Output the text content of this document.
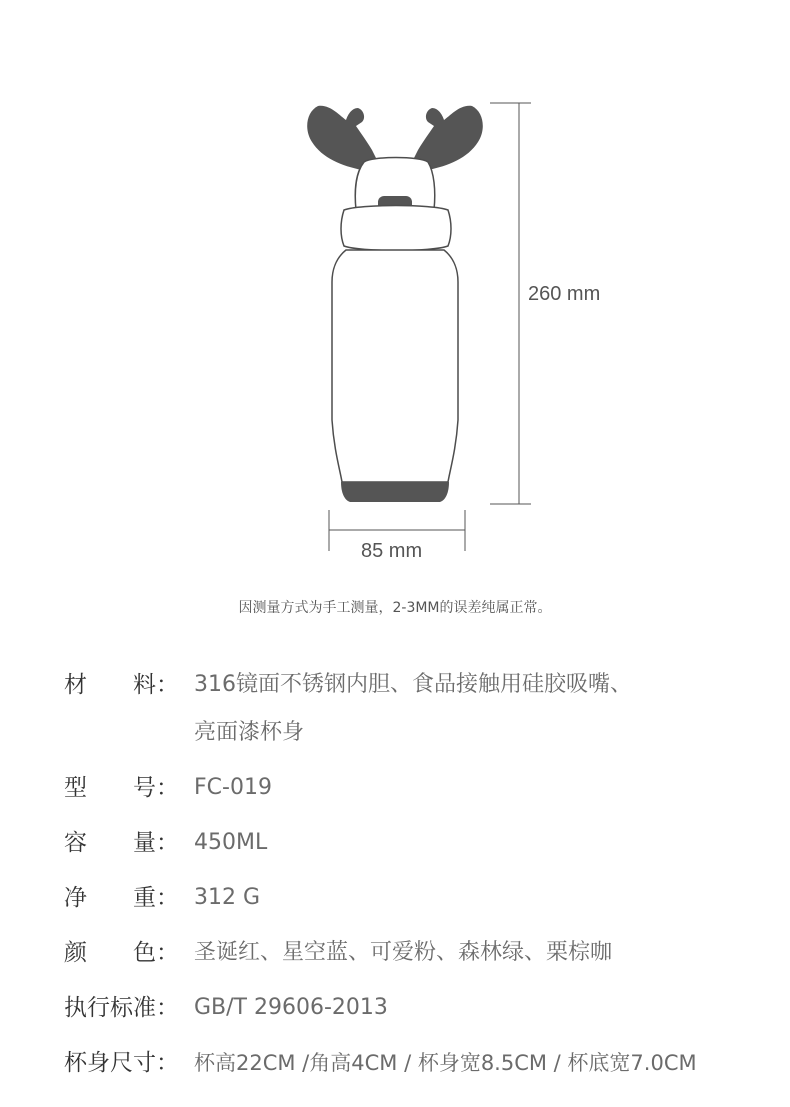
260 mm
85 mm
因测量方式为手工测量，2-3MM的误差纯属正常。
材　　料： 316镜面不锈钢内胆、食品接触用硅胶吸嘴、
亮面漆杯身
型　　号： FC-019
容　　量： 450ML
净　　重： 312 G
颜　　色： 圣诞红、星空蓝、可爱粉、森林绿、栗棕咖
执行标准： GB/T 29606-2013
杯身尺寸： 杯高22CM /角高4CM / 杯身宽8.5CM / 杯底宽7.0CM
